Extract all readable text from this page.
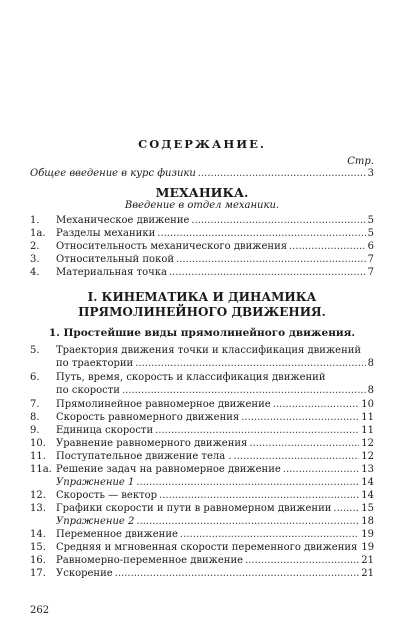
СОДЕРЖАНИЕ.
Стр.
Общее введение в курс физики .....	3
МЕХАНИКА.
Введение в отдел механики.
1.	Механическое движение .....	5
1a.	Разделы механики .....	5
2.	Относительность механического движения .....	6
3.	Относительный покой .....	7
4.	Материальная точка .....	7
I. КИНЕМАТИКА И ДИНАМИКА
ПРЯМОЛИНЕЙНОГО ДВИЖЕНИЯ.
1. Простейшие виды прямолинейного движения.
5.	Траектория движения точки и классификация движений
по траектории .....	8
6.	Путь, время, скорость и классификация движений
по скорости .....	8
7.	Прямолинейное равномерное движение .....	10
8.	Скорость равномерного движения .....	11
9.	Единица скорости .....	11
10.	Уравнение равномерного движения .....	12
11.	Поступательное движение тела . .....	12
11a. Решение задач на равномерное движение .....	13
Упражнение 1 .....	14
12.	Скорость — вектор .....	14
13.	Графики скорости и пути в равномерном движении .....	15
Упражнение 2 .....	18
14.	Переменное движение .....	19
15.	Средняя и мгновенная скорости переменного движения 19
16.	Равномерно-переменное движение .....	21
17.	Ускорение .....	21
262
